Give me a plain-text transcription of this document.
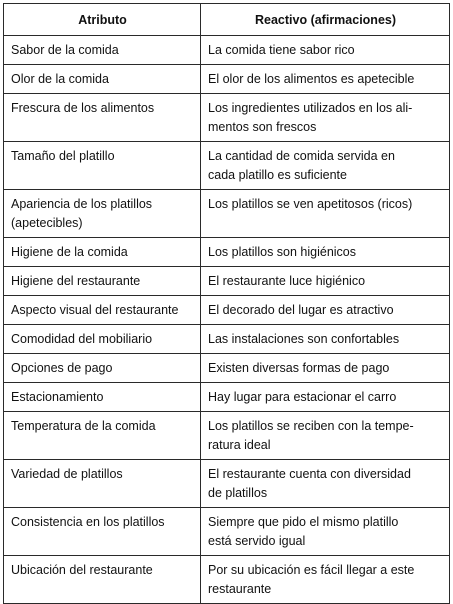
Atributo	Reactivo (afirmaciones)
Sabor de la comida	La comida tiene sabor rico
Olor de la comida	El olor de los alimentos es apetecible
Frescura de los alimentos	Los ingredientes utilizados en los ali-
mentos son frescos
Tamaño del platillo	La cantidad de comida servida en
cada platillo es suficiente
Apariencia de los platillos
(apetecibles)	Los platillos se ven apetitosos (ricos)
Higiene de la comida	Los platillos son higiénicos
Higiene del restaurante	El restaurante luce higiénico
Aspecto visual del restaurante	El decorado del lugar es atractivo
Comodidad del mobiliario	Las instalaciones son confortables
Opciones de pago	Existen diversas formas de pago
Estacionamiento	Hay lugar para estacionar el carro
Temperatura de la comida	Los platillos se reciben con la tempe-
ratura ideal
Variedad de platillos	El restaurante cuenta con diversidad
de platillos
Consistencia en los platillos	Siempre que pido el mismo platillo
está servido igual
Ubicación del restaurante	Por su ubicación es fácil llegar a este
restaurante
